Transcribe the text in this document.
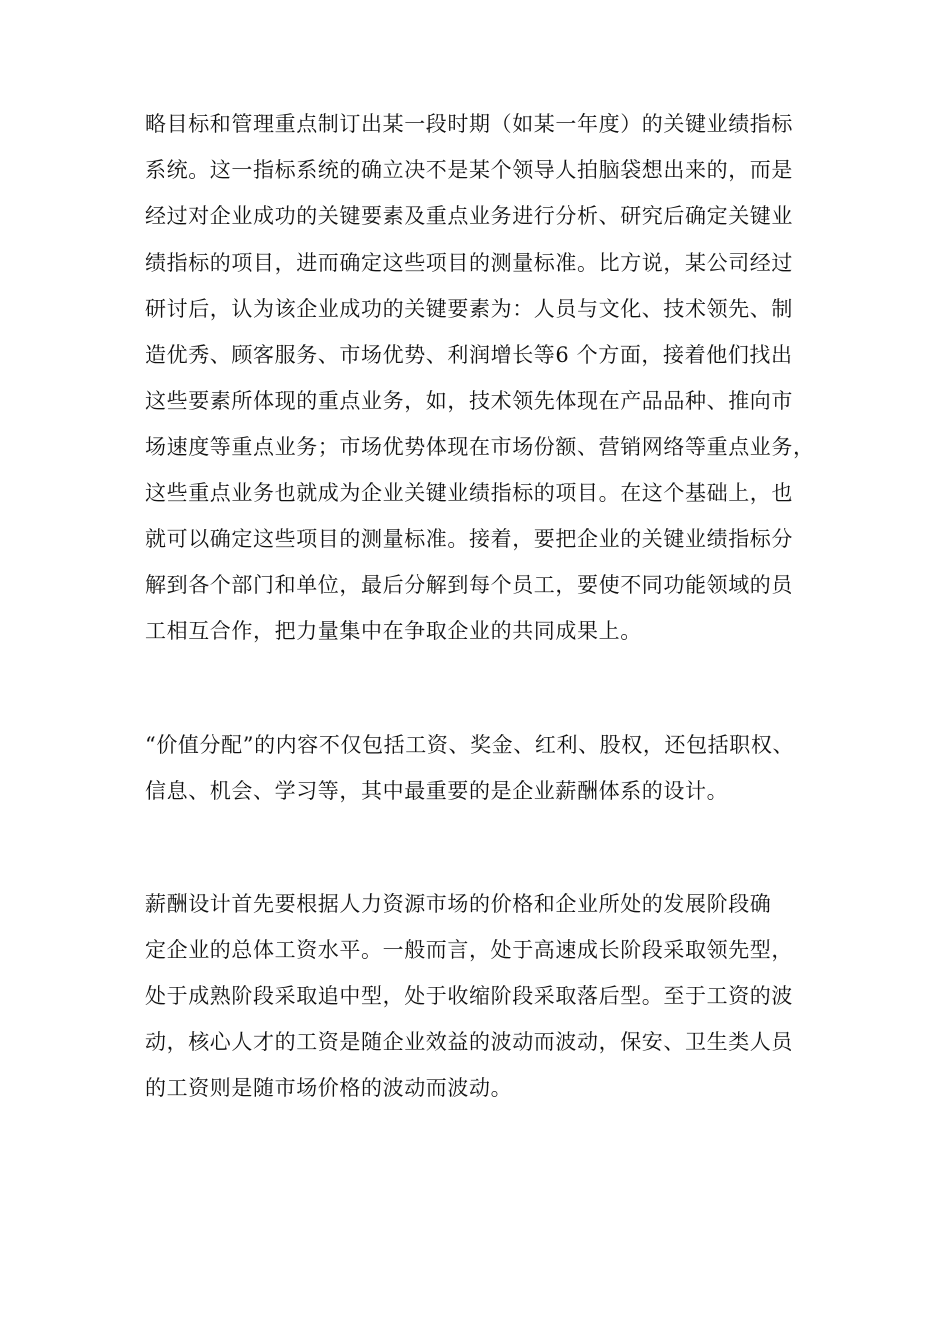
略目标和管理重点制订出某一段时期（如某一年度）的关键业绩指标
系统。这一指标系统的确立决不是某个领导人拍脑袋想出来的，而是
经过对企业成功的关键要素及重点业务进行分析、研究后确定关键业
绩指标的项目，进而确定这些项目的测量标准。比方说，某公司经过
研讨后，认为该企业成功的关键要素为：人员与文化、技术领先、制
造优秀、顾客服务、市场优势、利润增长等6 个方面，接着他们找出
这些要素所体现的重点业务，如，技术领先体现在产品品种、推向市
场速度等重点业务；市场优势体现在市场份额、营销网络等重点业务，
这些重点业务也就成为企业关键业绩指标的项目。在这个基础上，也
就可以确定这些项目的测量标准。接着，要把企业的关键业绩指标分
解到各个部门和单位，最后分解到每个员工，要使不同功能领域的员
工相互合作，把力量集中在争取企业的共同成果上。
“价值分配”的内容不仅包括工资、奖金、红利、股权，还包括职权、
信息、机会、学习等，其中最重要的是企业薪酬体系的设计。
薪酬设计首先要根据人力资源市场的价格和企业所处的发展阶段确
定企业的总体工资水平。一般而言，处于高速成长阶段采取领先型，
处于成熟阶段采取追中型，处于收缩阶段采取落后型。至于工资的波
动，核心人才的工资是随企业效益的波动而波动，保安、卫生类人员
的工资则是随市场价格的波动而波动。
